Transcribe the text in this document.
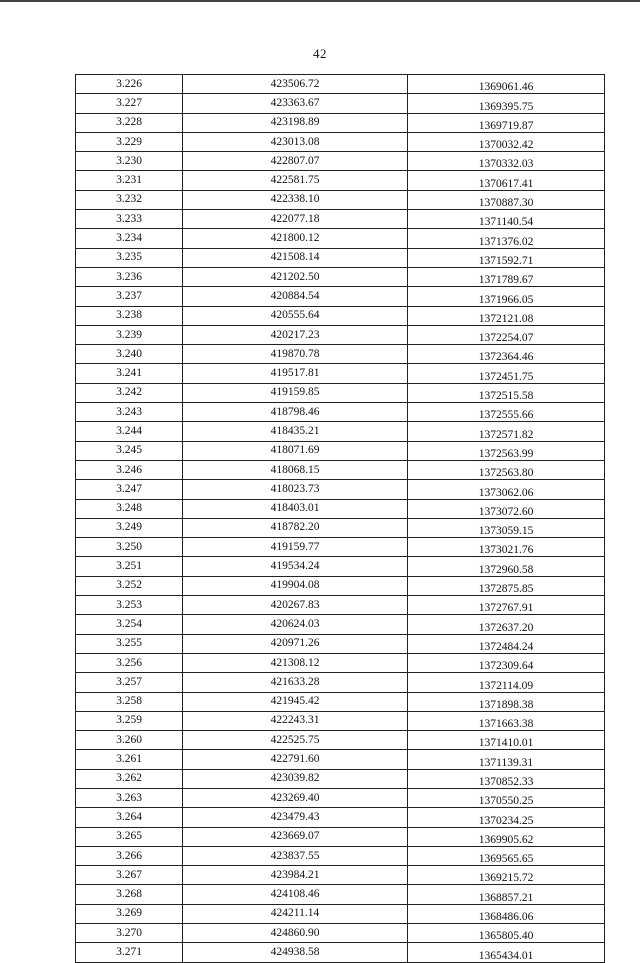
42
3.226	423506.72	1369061.46
3.227	423363.67	1369395.75
3.228	423198.89	1369719.87
3.229	423013.08	1370032.42
3.230	422807.07	1370332.03
3.231	422581.75	1370617.41
3.232	422338.10	1370887.30
3.233	422077.18	1371140.54
3.234	421800.12	1371376.02
3.235	421508.14	1371592.71
3.236	421202.50	1371789.67
3.237	420884.54	1371966.05
3.238	420555.64	1372121.08
3.239	420217.23	1372254.07
3.240	419870.78	1372364.46
3.241	419517.81	1372451.75
3.242	419159.85	1372515.58
3.243	418798.46	1372555.66
3.244	418435.21	1372571.82
3.245	418071.69	1372563.99
3.246	418068.15	1372563.80
3.247	418023.73	1373062.06
3.248	418403.01	1373072.60
3.249	418782.20	1373059.15
3.250	419159.77	1373021.76
3.251	419534.24	1372960.58
3.252	419904.08	1372875.85
3.253	420267.83	1372767.91
3.254	420624.03	1372637.20
3.255	420971.26	1372484.24
3.256	421308.12	1372309.64
3.257	421633.28	1372114.09
3.258	421945.42	1371898.38
3.259	422243.31	1371663.38
3.260	422525.75	1371410.01
3.261	422791.60	1371139.31
3.262	423039.82	1370852.33
3.263	423269.40	1370550.25
3.264	423479.43	1370234.25
3.265	423669.07	1369905.62
3.266	423837.55	1369565.65
3.267	423984.21	1369215.72
3.268	424108.46	1368857.21
3.269	424211.14	1368486.06
3.270	424860.90	1365805.40
3.271	424938.58	1365434.01
